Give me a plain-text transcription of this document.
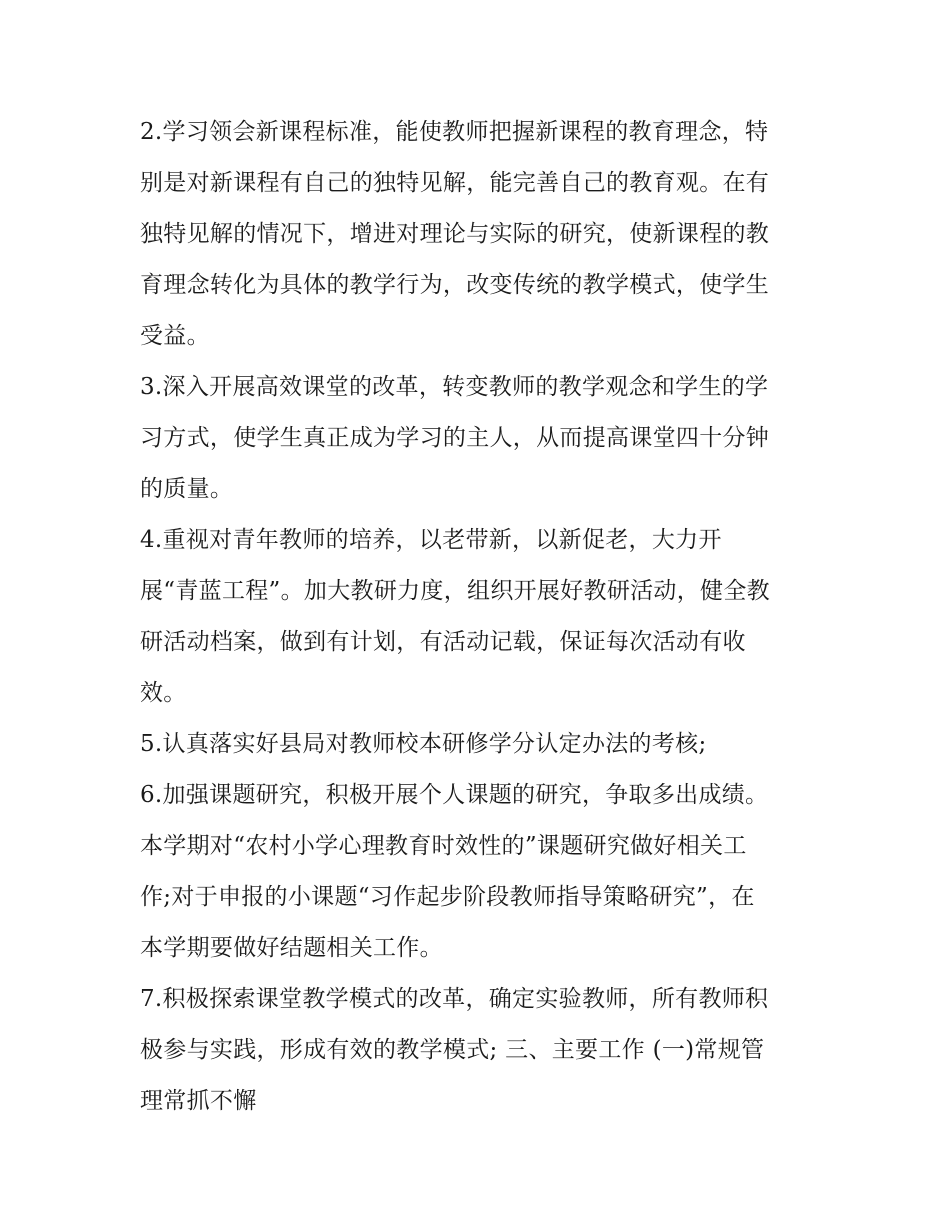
2.学习领会新课程标准，能使教师把握新课程的教育理念，特
别是对新课程有自己的独特见解，能完善自己的教育观。在有
独特见解的情况下，增进对理论与实际的研究，使新课程的教
育理念转化为具体的教学行为，改变传统的教学模式，使学生
受益。
3.深入开展高效课堂的改革，转变教师的教学观念和学生的学
习方式，使学生真正成为学习的主人，从而提高课堂四十分钟
的质量。
4.重视对青年教师的培养，以老带新，以新促老，大力开
展“青蓝工程”。加大教研力度，组织开展好教研活动，健全教
研活动档案，做到有计划，有活动记载，保证每次活动有收
效。
5.认真落实好县局对教师校本研修学分认定办法的考核;
6.加强课题研究，积极开展个人课题的研究，争取多出成绩。
本学期对“农村小学心理教育时效性的”课题研究做好相关工
作;对于申报的小课题“习作起步阶段教师指导策略研究”，在
本学期要做好结题相关工作。
7.积极探索课堂教学模式的改革，确定实验教师，所有教师积
极参与实践，形成有效的教学模式; 三、主要工作 (一)常规管
理常抓不懈
